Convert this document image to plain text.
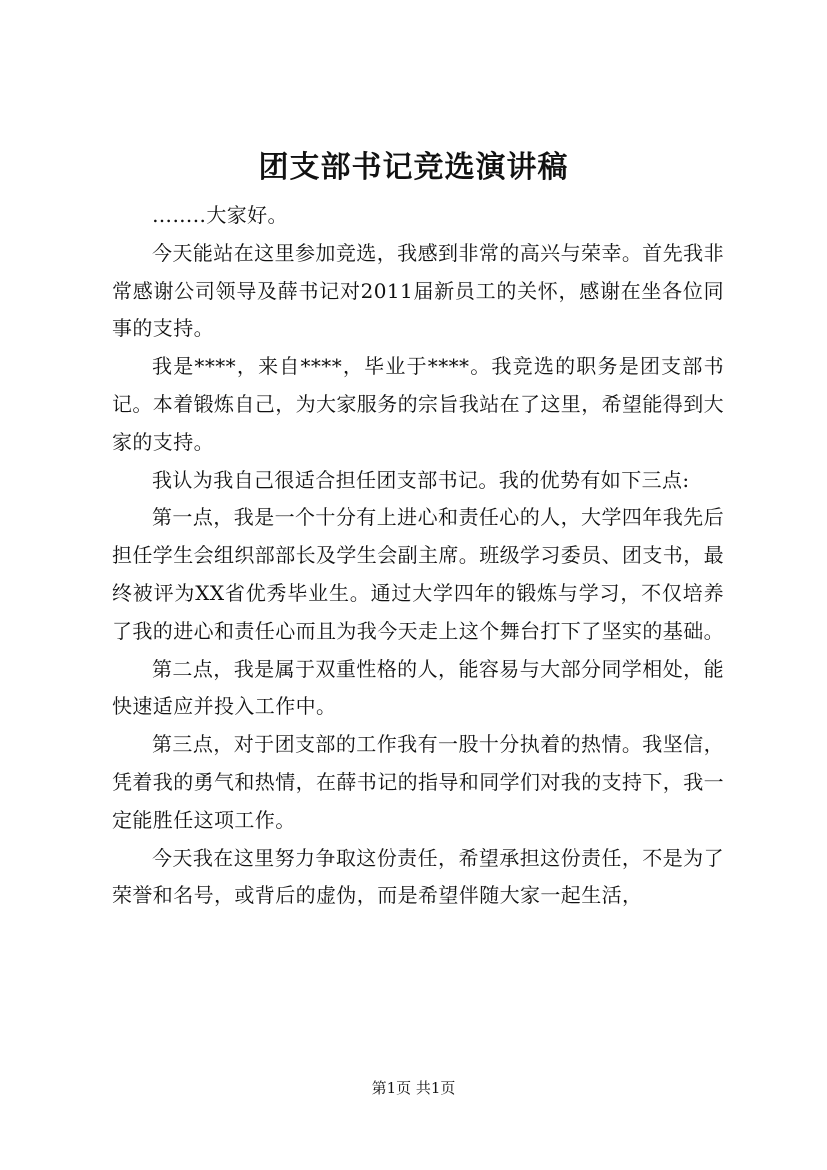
团支部书记竞选演讲稿

……..大家好。

今天能站在这里参加竞选，我感到非常的高兴与荣幸。首先我非常感谢公司领导及薛书记对2011届新员工的关怀，感谢在坐各位同事的支持。

我是****，来自****，毕业于****。我竞选的职务是团支部书记。本着锻炼自己，为大家服务的宗旨我站在了这里，希望能得到大家的支持。

我认为我自己很适合担任团支部书记。我的优势有如下三点:

第一点，我是一个十分有上进心和责任心的人，大学四年我先后担任学生会组织部部长及学生会副主席。班级学习委员、团支书，最终被评为XX省优秀毕业生。通过大学四年的锻炼与学习，不仅培养了我的进心和责任心而且为我今天走上这个舞台打下了坚实的基础。

第二点，我是属于双重性格的人，能容易与大部分同学相处，能快速适应并投入工作中。

第三点，对于团支部的工作我有一股十分执着的热情。我坚信，凭着我的勇气和热情，在薛书记的指导和同学们对我的支持下，我一定能胜任这项工作。

今天我在这里努力争取这份责任，希望承担这份责任，不是为了荣誉和名号，或背后的虚伪，而是希望伴随大家一起生活，

第1页 共1页
